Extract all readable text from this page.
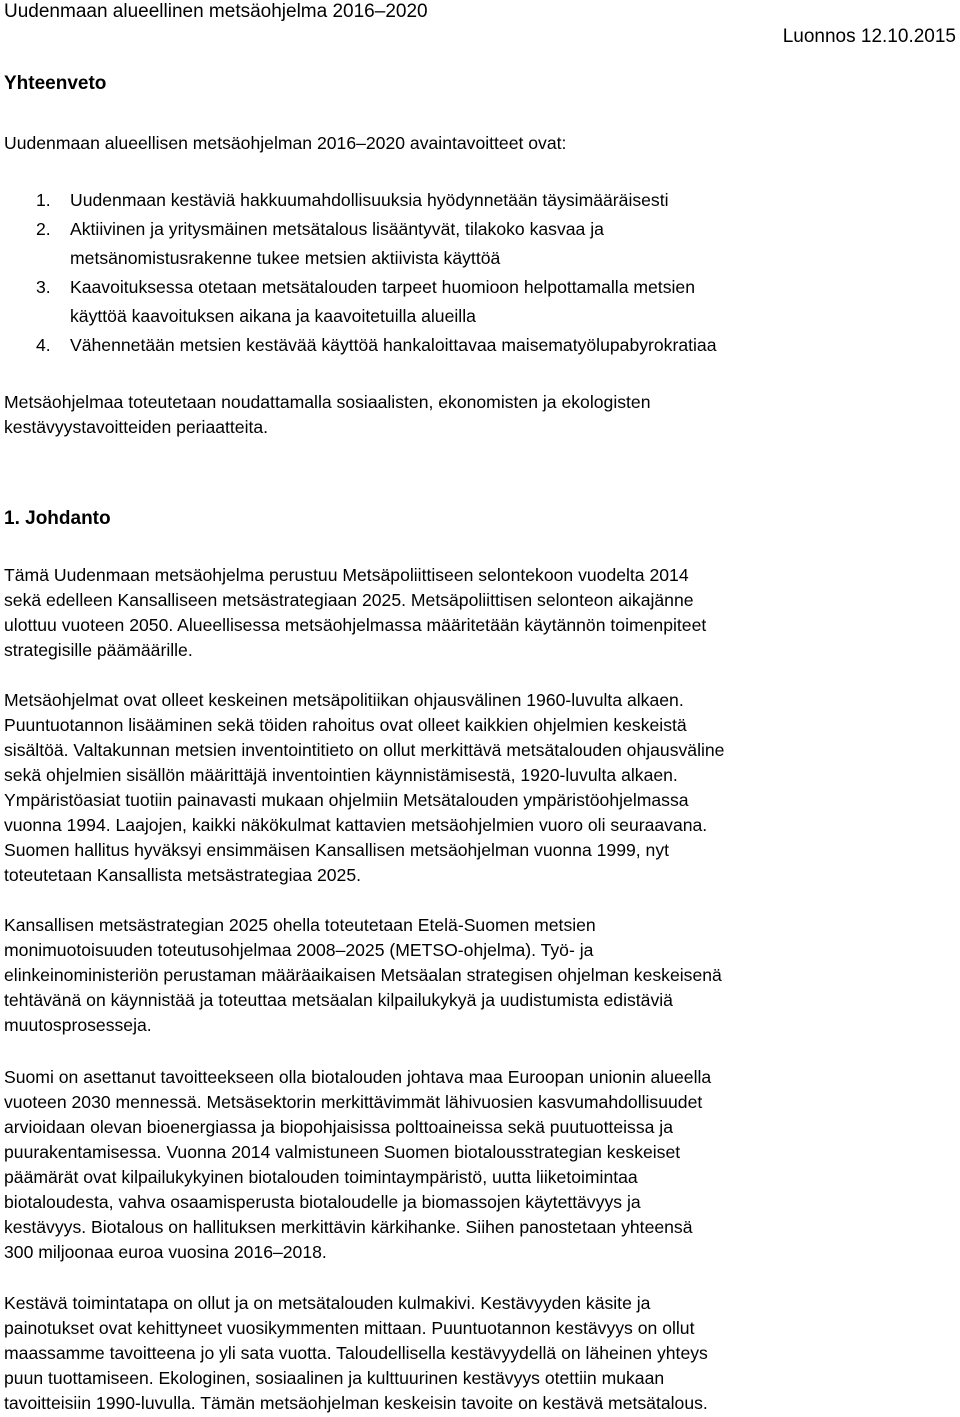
Uudenmaan alueellinen metsäohjelma 2016–2020
Luonnos 12.10.2015
Yhteenveto
Uudenmaan alueellisen metsäohjelman 2016–2020 avaintavoitteet ovat:
1. Uudenmaan kestäviä hakkuumahdollisuuksia hyödynnetään täysimääräisesti
2. Aktiivinen ja yritysmäinen metsätalous lisääntyvät, tilakoko kasvaa ja
metsänomistusrakenne tukee metsien aktiivista käyttöä
3. Kaavoituksessa otetaan metsätalouden tarpeet huomioon helpottamalla metsien
käyttöä kaavoituksen aikana ja kaavoitetuilla alueilla
4. Vähennetään metsien kestävää käyttöä hankaloittavaa maisematyölupabyrokratiaa
Metsäohjelmaa toteutetaan noudattamalla sosiaalisten, ekonomisten ja ekologisten
kestävyystavoitteiden periaatteita.
1. Johdanto
Tämä Uudenmaan metsäohjelma perustuu Metsäpoliittiseen selontekoon vuodelta 2014
sekä edelleen Kansalliseen metsästrategiaan 2025. Metsäpoliittisen selonteon aikajänne
ulottuu vuoteen 2050. Alueellisessa metsäohjelmassa määritetään käytännön toimenpiteet
strategisille päämäärille.
Metsäohjelmat ovat olleet keskeinen metsäpolitiikan ohjausvälinen 1960-luvulta alkaen.
Puuntuotannon lisääminen sekä töiden rahoitus ovat olleet kaikkien ohjelmien keskeistä
sisältöä. Valtakunnan metsien inventointitieto on ollut merkittävä metsätalouden ohjausväline
sekä ohjelmien sisällön määrittäjä inventointien käynnistämisestä, 1920-luvulta alkaen.
Ympäristöasiat tuotiin painavasti mukaan ohjelmiin Metsätalouden ympäristöohjelmassa
vuonna 1994. Laajojen, kaikki näkökulmat kattavien metsäohjelmien vuoro oli seuraavana.
Suomen hallitus hyväksyi ensimmäisen Kansallisen metsäohjelman vuonna 1999, nyt
toteutetaan Kansallista metsästrategiaa 2025.
Kansallisen metsästrategian 2025 ohella toteutetaan Etelä-Suomen metsien
monimuotoisuuden toteutusohjelmaa 2008–2025 (METSO-ohjelma). Työ- ja
elinkeinoministeriön perustaman määräaikaisen Metsäalan strategisen ohjelman keskeisenä
tehtävänä on käynnistää ja toteuttaa metsäalan kilpailukykyä ja uudistumista edistäviä
muutosprosesseja.
Suomi on asettanut tavoitteekseen olla biotalouden johtava maa Euroopan unionin alueella
vuoteen 2030 mennessä. Metsäsektorin merkittävimmät lähivuosien kasvumahdollisuudet
arvioidaan olevan bioenergiassa ja biopohjaisissa polttoaineissa sekä puutuotteissa ja
puurakentamisessa. Vuonna 2014 valmistuneen Suomen biotalousstrategian keskeiset
päämärät ovat kilpailukykyinen biotalouden toimintaympäristö, uutta liiketoimintaa
biotaloudesta, vahva osaamisperusta biotaloudelle ja biomassojen käytettävyys ja
kestävyys. Biotalous on hallituksen merkittävin kärkihanke. Siihen panostetaan yhteensä
300 miljoonaa euroa vuosina 2016–2018.
Kestävä toimintatapa on ollut ja on metsätalouden kulmakivi. Kestävyyden käsite ja
painotukset ovat kehittyneet vuosikymmenten mittaan. Puuntuotannon kestävyys on ollut
maassamme tavoitteena jo yli sata vuotta. Taloudellisella kestävyydellä on läheinen yhteys
puun tuottamiseen. Ekologinen, sosiaalinen ja kulttuurinen kestävyys otettiin mukaan
tavoitteisiin 1990-luvulla. Tämän metsäohjelman keskeisin tavoite on kestävä metsätalous.
